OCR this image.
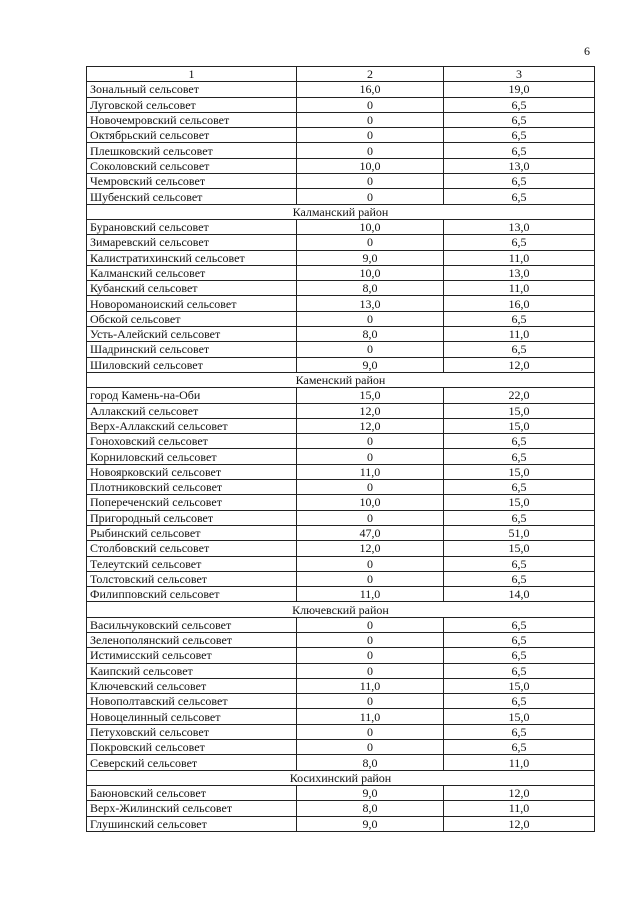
6
1	2	3
Зональный сельсовет	16,0	19,0
Луговской сельсовет	0	6,5
Новочемровский сельсовет	0	6,5
Октябрьский сельсовет	0	6,5
Плешковский сельсовет	0	6,5
Соколовский сельсовет	10,0	13,0
Чемровский сельсовет	0	6,5
Шубенский сельсовет	0	6,5
Калманский район		
Бурановский сельсовет	10,0	13,0
Зимаревский сельсовет	0	6,5
Калистратихинский сельсовет	9,0	11,0
Калманский сельсовет	10,0	13,0
Кубанский сельсовет	8,0	11,0
Новороманоиский сельсовет	13,0	16,0
Обской сельсовет	0	6,5
Усть-Алейский сельсовет	8,0	11,0
Шадринский сельсовет	0	6,5
Шиловский сельсовет	9,0	12,0
Каменский район		
город Камень-на-Оби	15,0	22,0
Аллакский сельсовет	12,0	15,0
Верх-Аллакский сельсовет	12,0	15,0
Гоноховский сельсовет	0	6,5
Корниловский сельсовет	0	6,5
Новоярковский сельсовет	11,0	15,0
Плотниковский сельсовет	0	6,5
Попереченский сельсовет	10,0	15,0
Пригородный сельсовет	0	6,5
Рыбинский сельсовет	47,0	51,0
Столбовский сельсовет	12,0	15,0
Телеутский сельсовет	0	6,5
Толстовский сельсовет	0	6,5
Филипповский сельсовет	11,0	14,0
Ключевский район		
Васильчуковский сельсовет	0	6,5
Зеленополянский сельсовет	0	6,5
Истимисский сельсовет	0	6,5
Каипский сельсовет	0	6,5
Ключевский сельсовет	11,0	15,0
Новополтавский сельсовет	0	6,5
Новоцелинный сельсовет	11,0	15,0
Петуховский сельсовет	0	6,5
Покровский сельсовет	0	6,5
Северский сельсовет	8,0	11,0
Косихинский район		
Баюновский сельсовет	9,0	12,0
Верх-Жилинский сельсовет	8,0	11,0
Глушинский сельсовет	9,0	12,0
